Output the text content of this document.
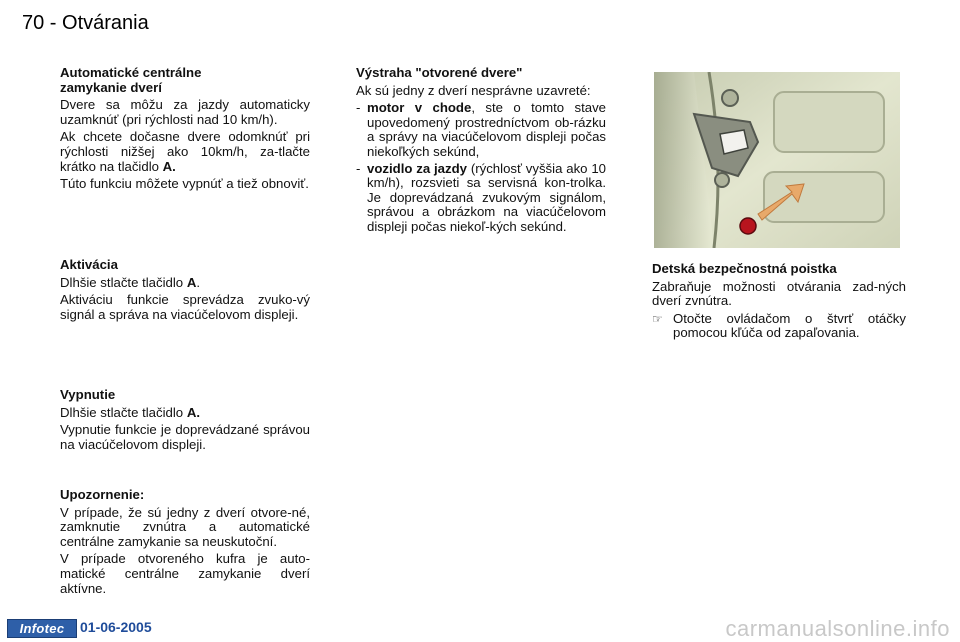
70 - Otvárania
Automatické centrálne
zamykanie dverí

Dvere sa môžu za jazdy automaticky uzamknúť (pri rýchlosti nad 10 km/h).

Ak chcete dočasne dvere odomknúť pri rýchlosti nižšej ako 10km/h, za-tlačte krátko na tlačidlo A.

Túto funkciu môžete vypnúť a tiež obnoviť.

Aktivácia

Dlhšie stlačte tlačidlo A.

Aktiváciu funkcie sprevádza zvuko-vý signál a správa na viacúčelovom displeji.

Vypnutie

Dlhšie stlačte tlačidlo A.

Vypnutie funkcie je doprevádzané správou na viacúčelovom displeji.

Upozornenie:

V prípade, že sú jedny z dverí otvore-né, zamknutie zvnútra a automatické centrálne zamykanie sa neuskutoční.

V prípade otvoreného kufra je auto-matické centrálne zamykanie dverí aktívne.

Výstraha "otvorené dvere"

Ak sú jedny z dverí nesprávne uzavreté:

- motor v chode, ste o tomto stave upovedomený prostredníctvom ob-rázku a správy na viacúčelovom displeji počas niekoľkých sekúnd,
- vozidlo za jazdy (rýchlosť vyššia ako 10 km/h), rozsvieti sa servisná kon-trolka. Je doprevádzaná zvukovým signálom, správou a obrázkom na viacúčelovom displeji počas niekoľ-kých sekúnd.
Detská bezpečnostná poistka

Zabraňuje možnosti otvárania zad-ných dverí zvnútra.

☞ Otočte ovládačom o štvrť otáčky pomocou kľúča od zapaľovania.
Infotec	01-06-2005	carmanualsonline.info
